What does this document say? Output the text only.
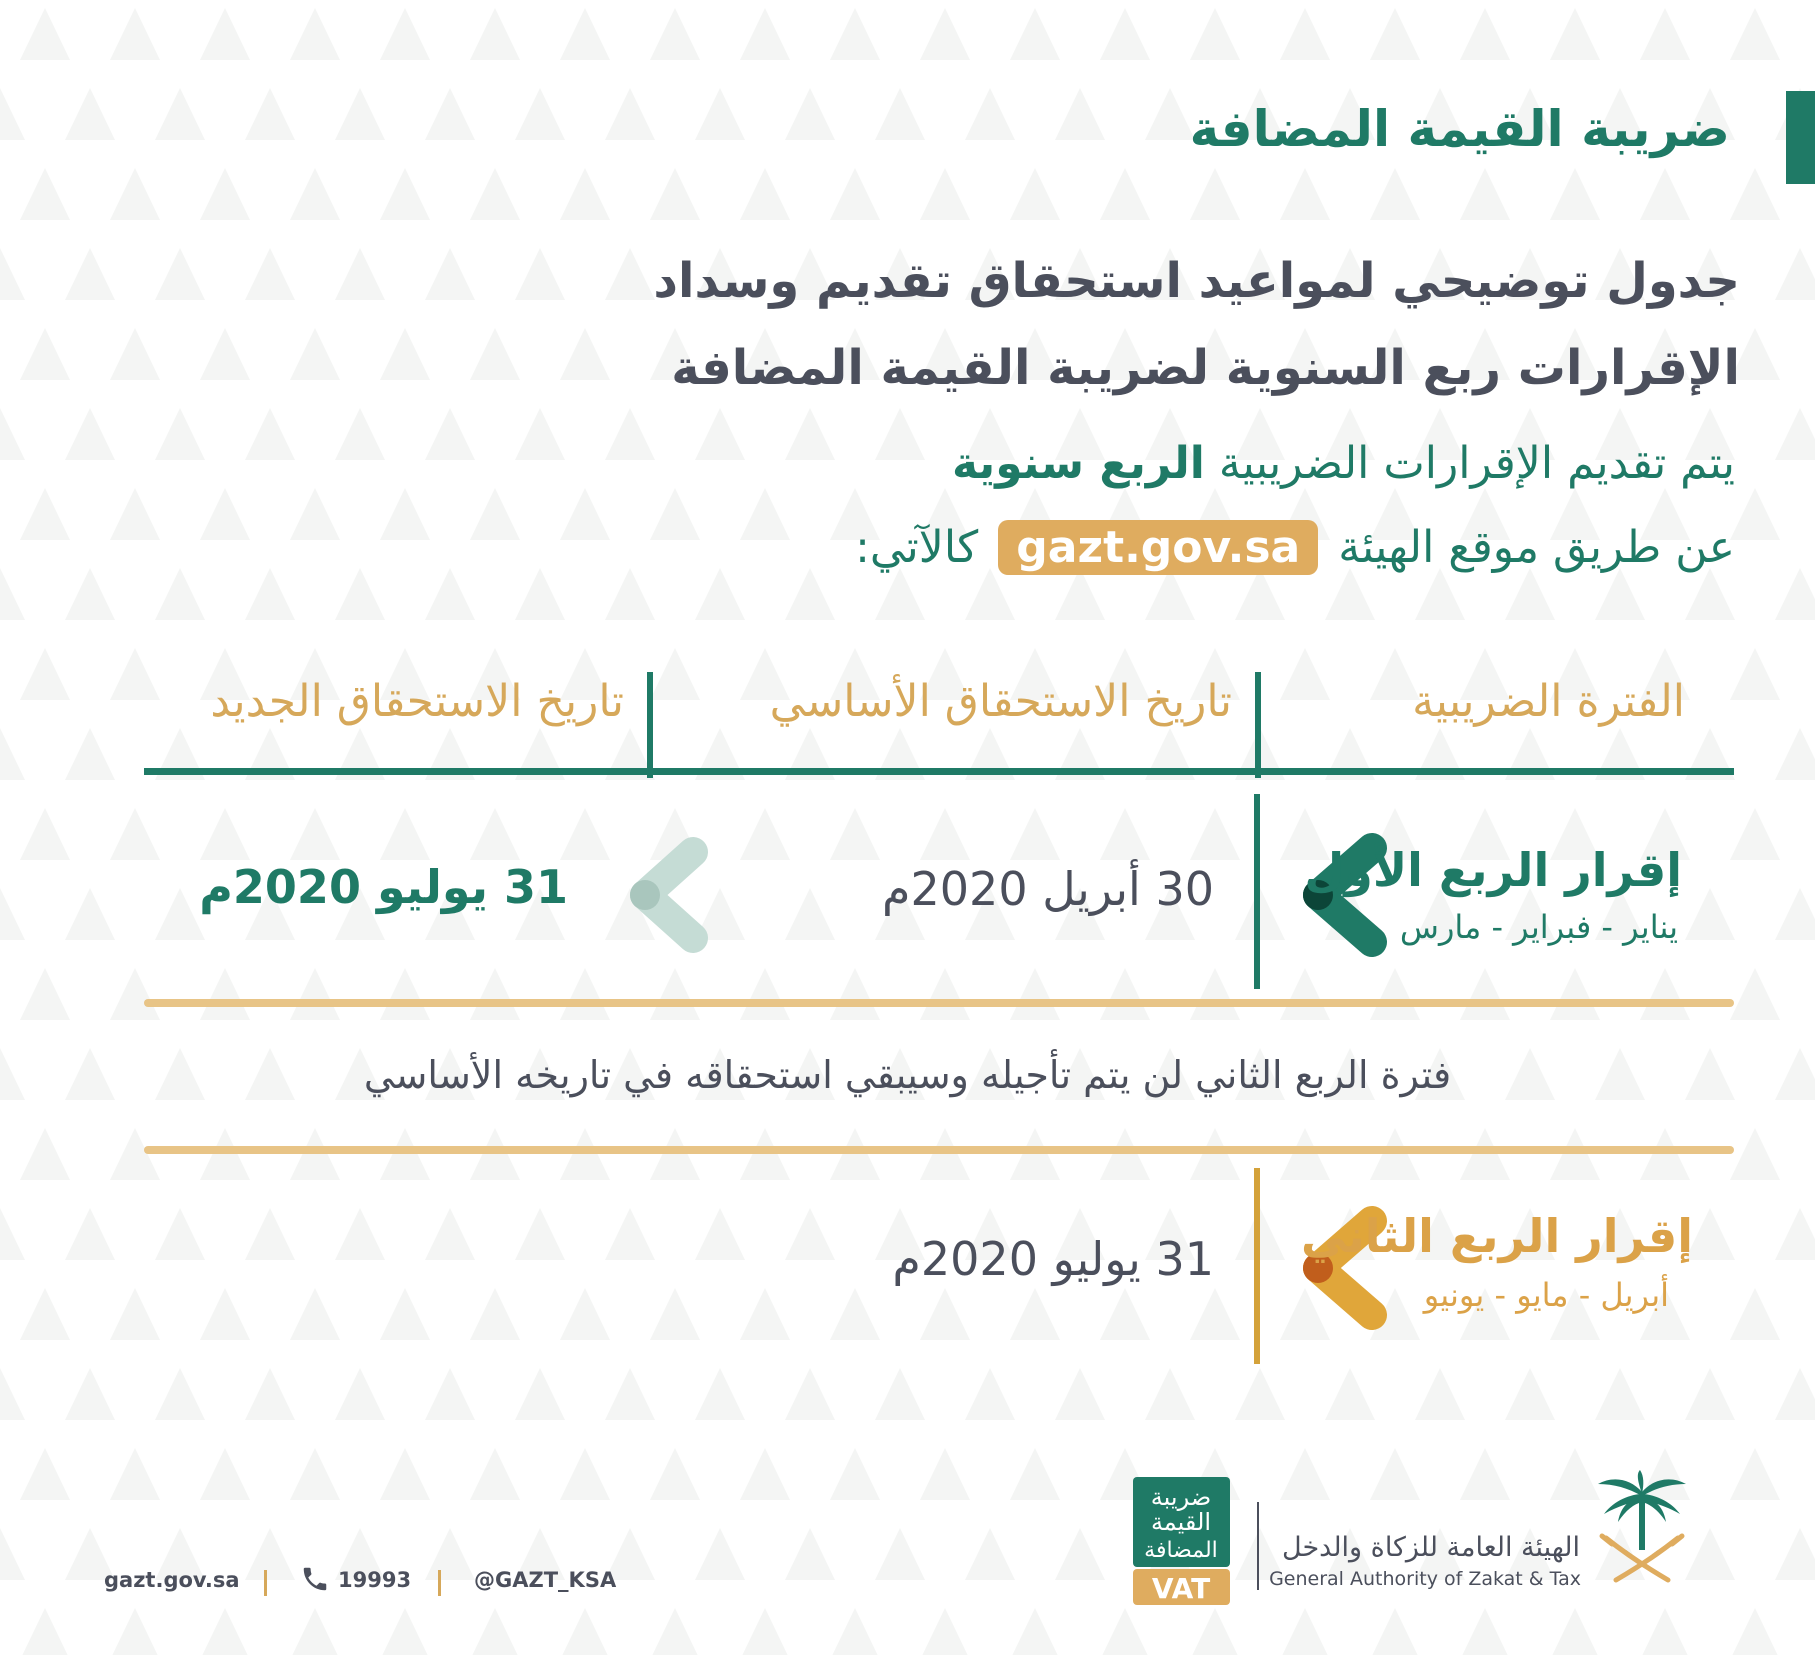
ضريبة القيمة المضافة
جدول توضيحي لمواعيد استحقاق تقديم وسداد
الإقرارات ربع السنوية لضريبة القيمة المضافة
يتم تقديم الإقرارات الضريبية الربع سنوية
عن طريق موقع الهيئة gazt.gov.sa كالآتي:
الفترة الضريبية
تاريخ الاستحقاق الأساسي
تاريخ الاستحقاق الجديد
إقرار الربع الأول
يناير - فبراير - مارس
30 أبريل 2020م
31 يوليو 2020م
فترة الربع الثاني لن يتم تأجيله وسيبقي استحقاقه في تاريخه الأساسي
إقرار الربع الثاني
أبريل - مايو - يونيو
31 يوليو 2020م
gazt.gov.sa	19993	@GAZT_KSA
ضريبة
القيمة
المضافة
VAT
الهيئة العامة للزكاة والدخل
General Authority of Zakat & Tax
